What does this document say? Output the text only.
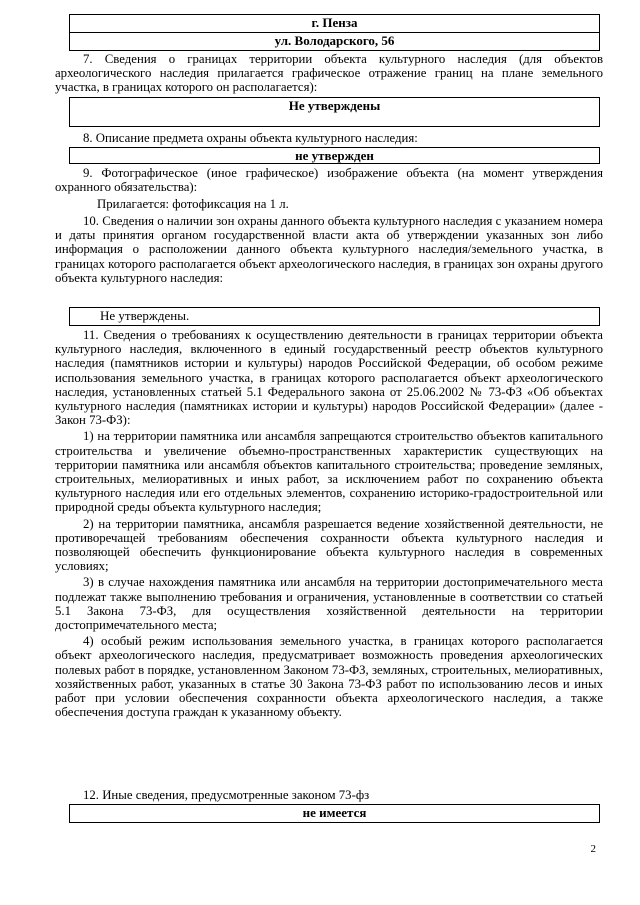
г. Пенза
ул. Володарского, 56

7. Сведения о границах территории объекта культурного наследия (для объектов археологического наследия прилагается графическое отражение границ на плане земельного участка, в границах которого он располагается):

Не утверждены

8. Описание предмета охраны объекта культурного наследия:

не утвержден

9. Фотографическое (иное графическое) изображение объекта (на момент утверждения охранного обязательства):

Прилагается: фотофиксация на 1 л.

10. Сведения о наличии зон охраны данного объекта культурного наследия с указанием номера и даты принятия органом государственной власти акта об утверждении указанных зон либо информация о расположении данного объекта культурного наследия/земельного участка, в границах которого располагается объект археологического наследия, в границах зон охраны другого объекта культурного наследия:

Не утверждены.

11. Сведения о требованиях к осуществлению деятельности в границах территории объекта культурного наследия, включенного в единый государственный реестр объектов культурного наследия (памятников истории и культуры) народов Российской Федерации, об особом режиме использования земельного участка, в границах которого располагается объект археологического наследия, установленных статьей 5.1 Федерального закона от 25.06.2002 № 73-ФЗ «Об объектах культурного наследия (памятниках истории и культуры) народов Российской Федерации» (далее - Закон 73-ФЗ):

1) на территории памятника или ансамбля запрещаются строительство объектов капитального строительства и увеличение объемно-пространственных характеристик существующих на территории памятника или ансамбля объектов капитального строительства; проведение земляных, строительных, мелиоративных и иных работ, за исключением работ по сохранению объекта культурного наследия или его отдельных элементов, сохранению историко-градостроительной или природной среды объекта культурного наследия;

2) на территории памятника, ансамбля разрешается ведение хозяйственной деятельности, не противоречащей требованиям обеспечения сохранности объекта культурного наследия и позволяющей обеспечить функционирование объекта культурного наследия в современных условиях;

3) в случае нахождения памятника или ансамбля на территории достопримечательного места подлежат также выполнению требования и ограничения, установленные в соответствии со статьей 5.1 Закона 73-ФЗ, для осуществления хозяйственной деятельности на территории достопримечательного места;

4) особый режим использования земельного участка, в границах которого располагается объект археологического наследия, предусматривает возможность проведения археологических полевых работ в порядке, установленном Законом 73-ФЗ, земляных, строительных, мелиоративных, хозяйственных работ, указанных в статье 30 Закона 73-ФЗ работ по использованию лесов и иных работ при условии обеспечения сохранности объекта археологического наследия, а также обеспечения доступа граждан к указанному объекту.

12. Иные сведения, предусмотренные законом 73-фз

не имеется
2
